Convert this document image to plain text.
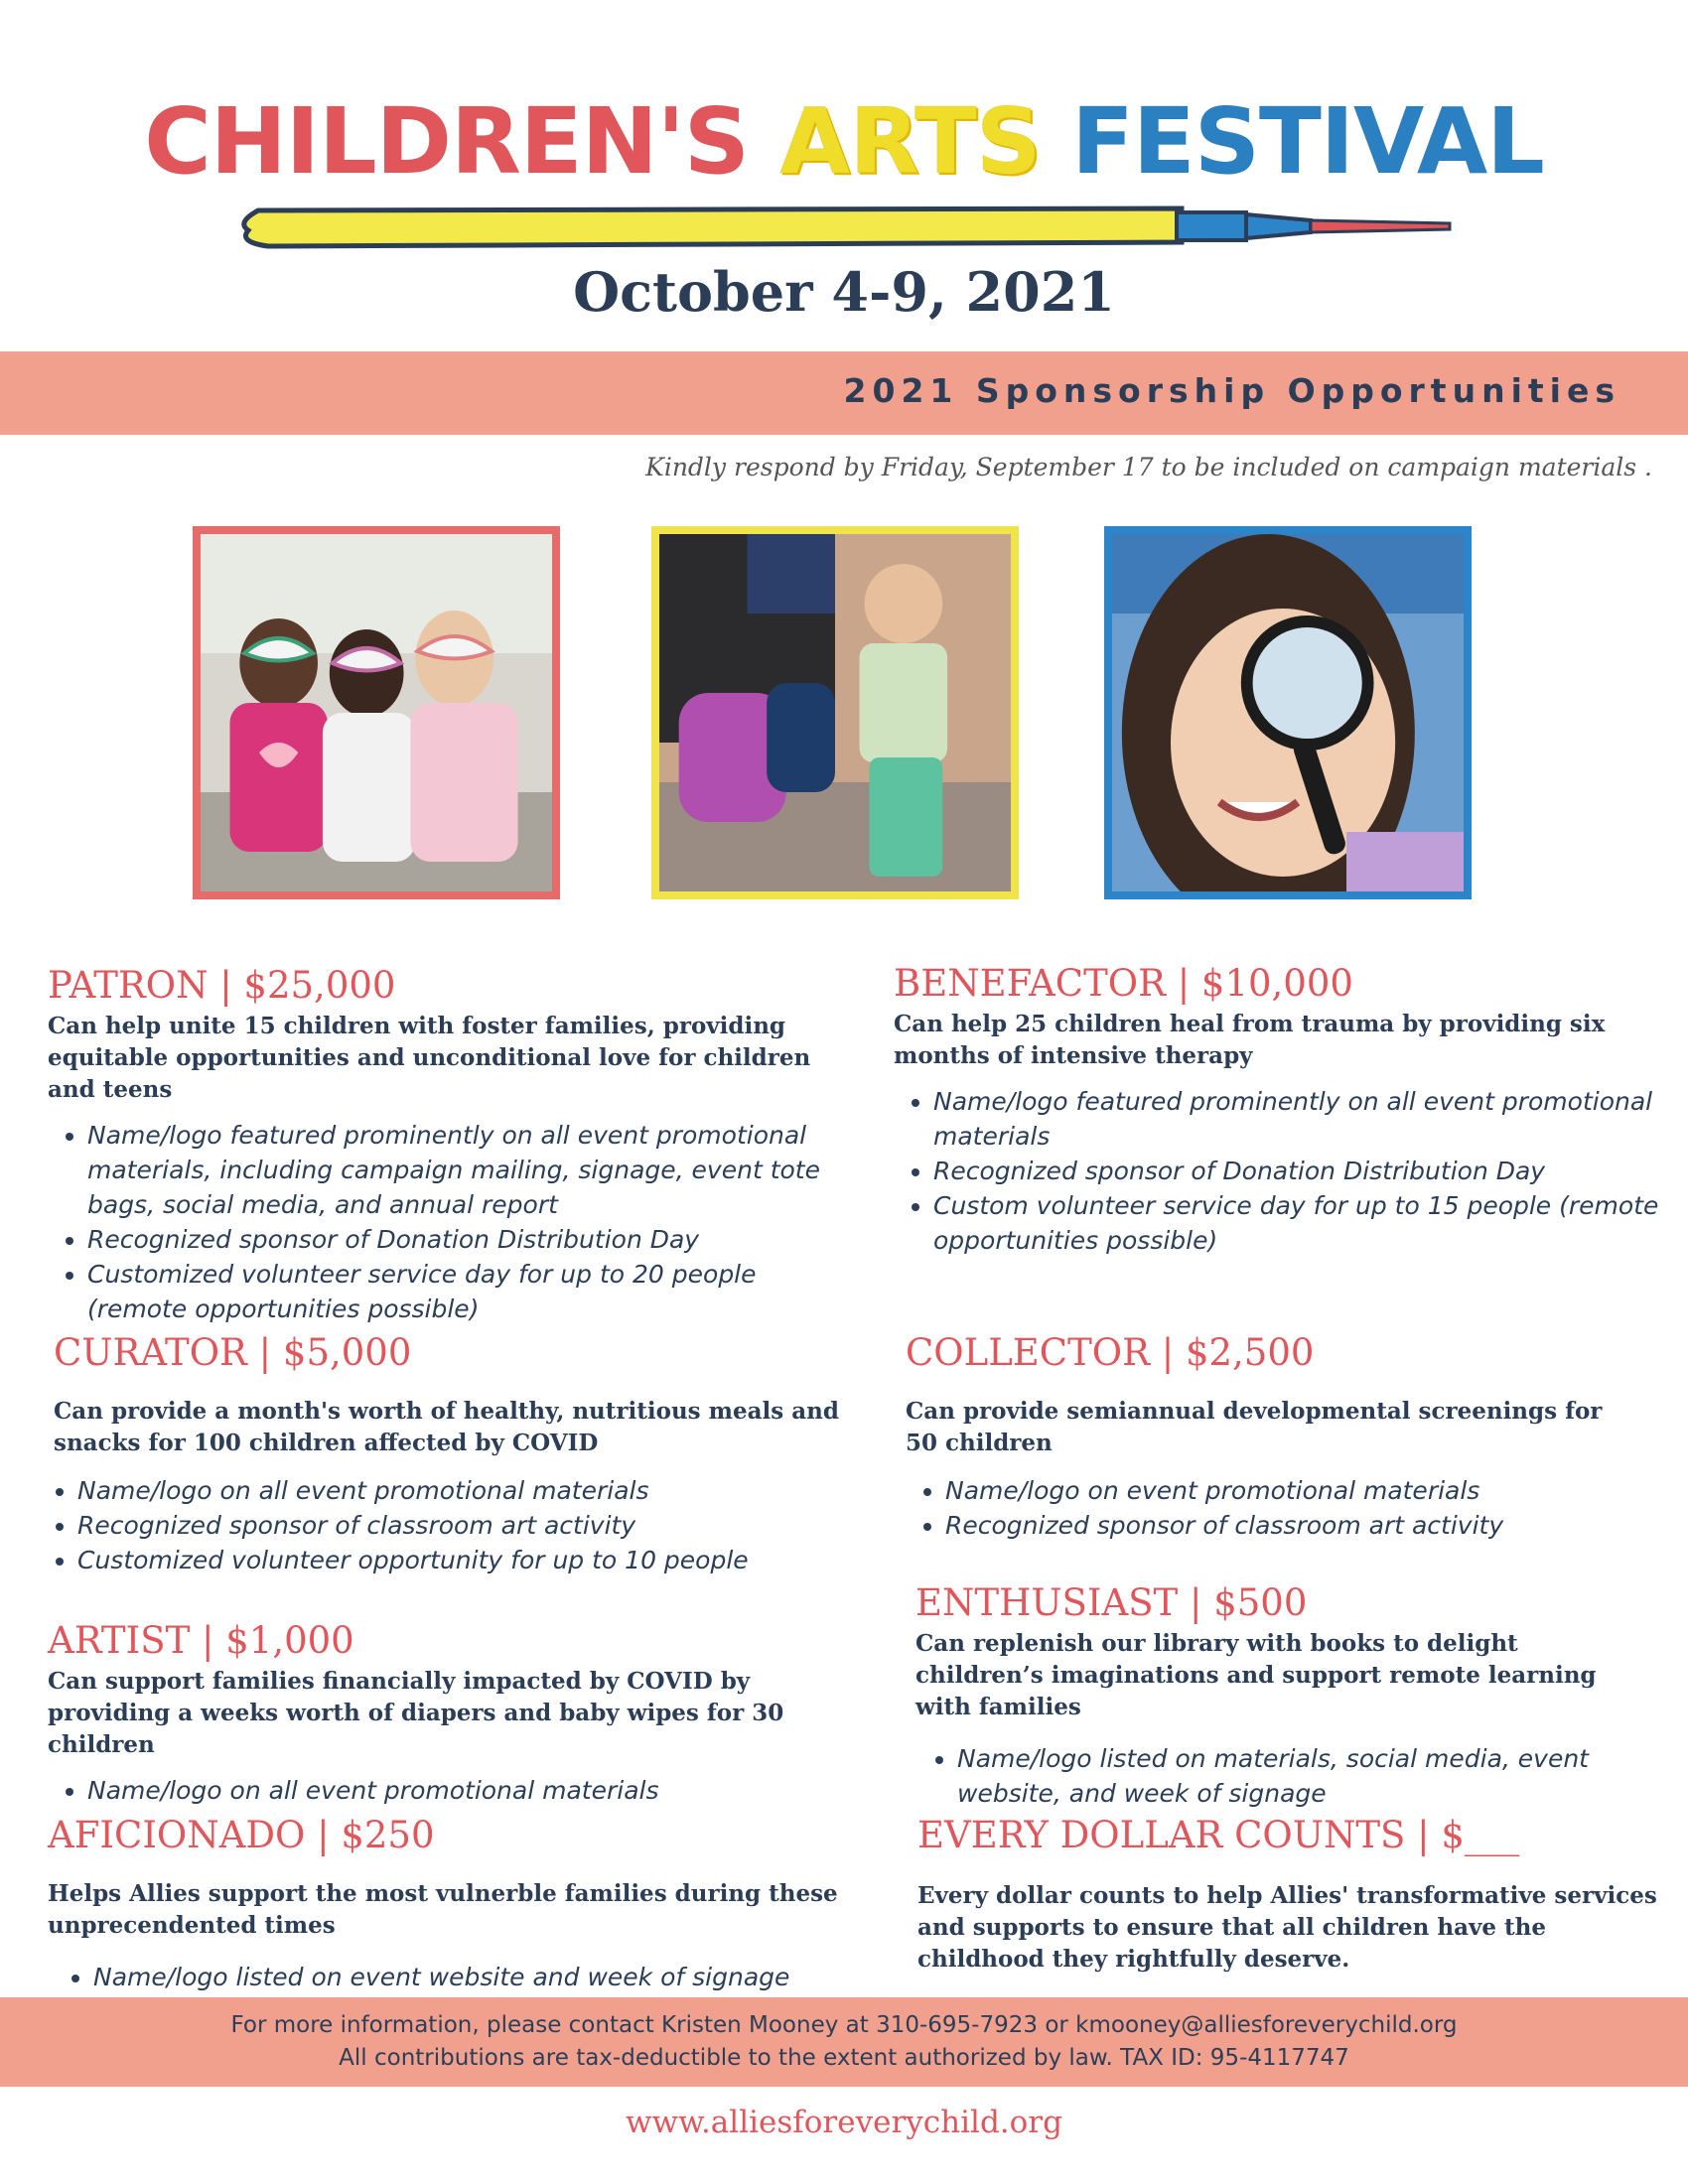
CHILDREN'S ARTS FESTIVAL
October 4-9, 2021
2021 Sponsorship Opportunities
Kindly respond by Friday, September 17 to be included on campaign materials .
PATRON | $25,000
Can help unite 15 children with foster families, providing equitable opportunities and unconditional love for children and teens
• Name/logo featured prominently on all event promotional materials, including campaign mailing, signage, event tote bags, social media, and annual report
• Recognized sponsor of Donation Distribution Day
• Customized volunteer service day for up to 20 people (remote opportunities possible)
BENEFACTOR | $10,000
Can help 25 children heal from trauma by providing six months of intensive therapy
• Name/logo featured prominently on all event promotional materials
• Recognized sponsor of Donation Distribution Day
• Custom volunteer service day for up to 15 people (remote opportunities possible)
CURATOR | $5,000
Can provide a month's worth of healthy, nutritious meals and snacks for 100 children affected by COVID
• Name/logo on all event promotional materials
• Recognized sponsor of classroom art activity
• Customized volunteer opportunity for up to 10 people
COLLECTOR | $2,500
Can provide semiannual developmental screenings for 50 children
• Name/logo on event promotional materials
• Recognized sponsor of classroom art activity
ARTIST | $1,000
Can support families financially impacted by COVID by providing a weeks worth of diapers and baby wipes for 30 children
• Name/logo on all event promotional materials
ENTHUSIAST | $500
Can replenish our library with books to delight children’s imaginations and support remote learning with families
• Name/logo listed on materials, social media, event website, and week of signage
AFICIONADO | $250
Helps Allies support the most vulnerble families during these unprecendented times
• Name/logo listed on event website and week of signage
EVERY DOLLAR COUNTS | $___
Every dollar counts to help Allies' transformative services and supports to ensure that all children have the childhood they rightfully deserve.
For more information, please contact Kristen Mooney at 310-695-7923 or kmooney@alliesforeverychild.org
All contributions are tax-deductible to the extent authorized by law. TAX ID: 95-4117747
www.alliesforeverychild.org
